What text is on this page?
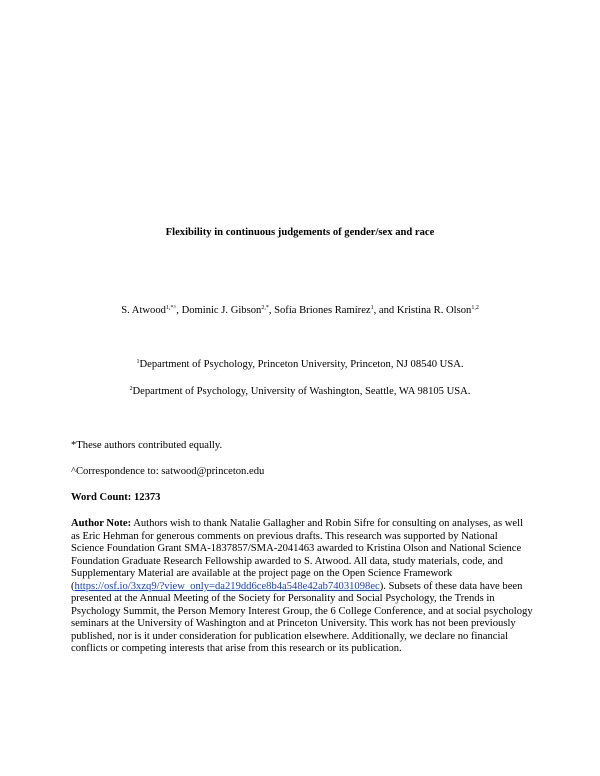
Flexibility in continuous judgements of gender/sex and race
S. Atwood$^{1,*\^{}}$, Dominic J. Gibson$^{2,*}$, Sofía Briones Ramírez$^1$, and Kristina R. Olson$^{1,2}$
$^1$Department of Psychology, Princeton University, Princeton, NJ 08540 USA.
$^2$Department of Psychology, University of Washington, Seattle, WA 98105 USA.
*These authors contributed equally.
^Correspondence to: satwood@princeton.edu
Word Count: 12373
Author Note: Authors wish to thank Natalie Gallagher and Robin Sifre for consulting on analyses, as well as Eric Hehman for generous comments on previous drafts. This research was supported by National Science Foundation Grant SMA-1837857/SMA-2041463 awarded to Kristina Olson and National Science Foundation Graduate Research Fellowship awarded to S. Atwood. All data, study materials, code, and Supplementary Material are available at the project page on the Open Science Framework (https://osf.io/3xzq9/?view_only=da219dd6ce8b4a548e42ab74031098ec). Subsets of these data have been presented at the Annual Meeting of the Society for Personality and Social Psychology, the Trends in Psychology Summit, the Person Memory Interest Group, the 6 College Conference, and at social psychology seminars at the University of Washington and at Princeton University. This work has not been previously published, nor is it under consideration for publication elsewhere. Additionally, we declare no financial conflicts or competing interests that arise from this research or its publication.
